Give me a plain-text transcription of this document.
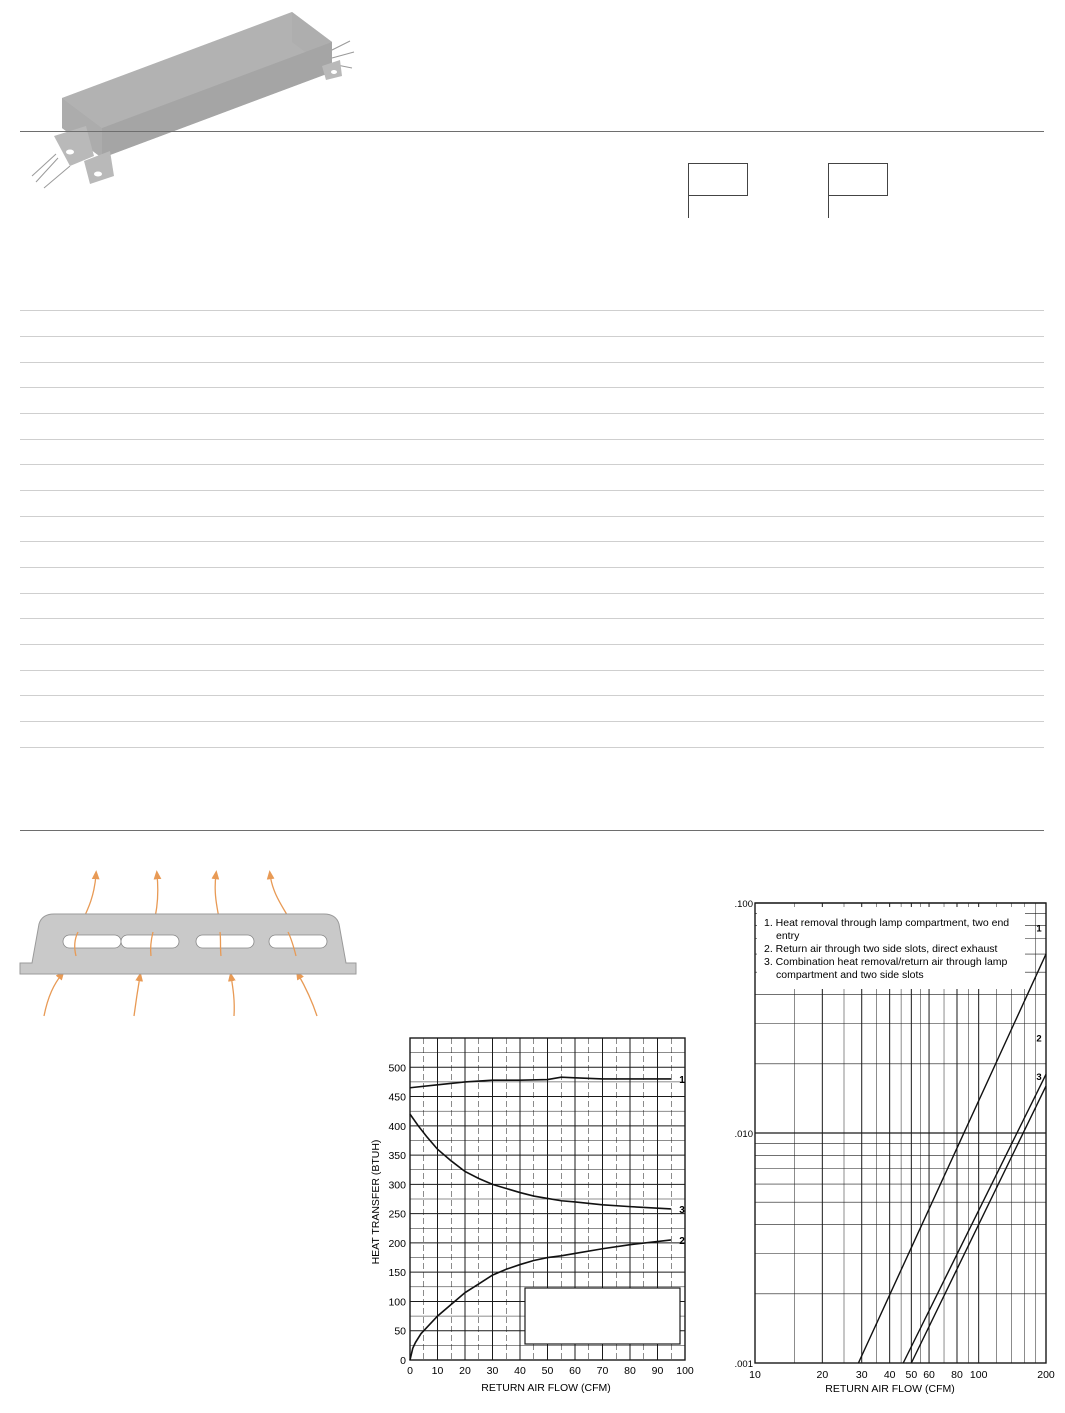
0 10 20 30 40 50 60 70 80 90 100
0
50
100
150
200
250
300
350
400
450
500
1
3
2
RETURN AIR FLOW (CFM)
HEAT TRANSFER (BTUH)
10	20	30 40 50 60 80 100	200
.001
.010
.100
1
2
3
1. Heat removal through lamp compartment, two end
entry
2. Return air through two side slots, direct exhaust
3. Combination heat removal/return air through lamp
compartment and two side slots
RETURN AIR FLOW (CFM)
